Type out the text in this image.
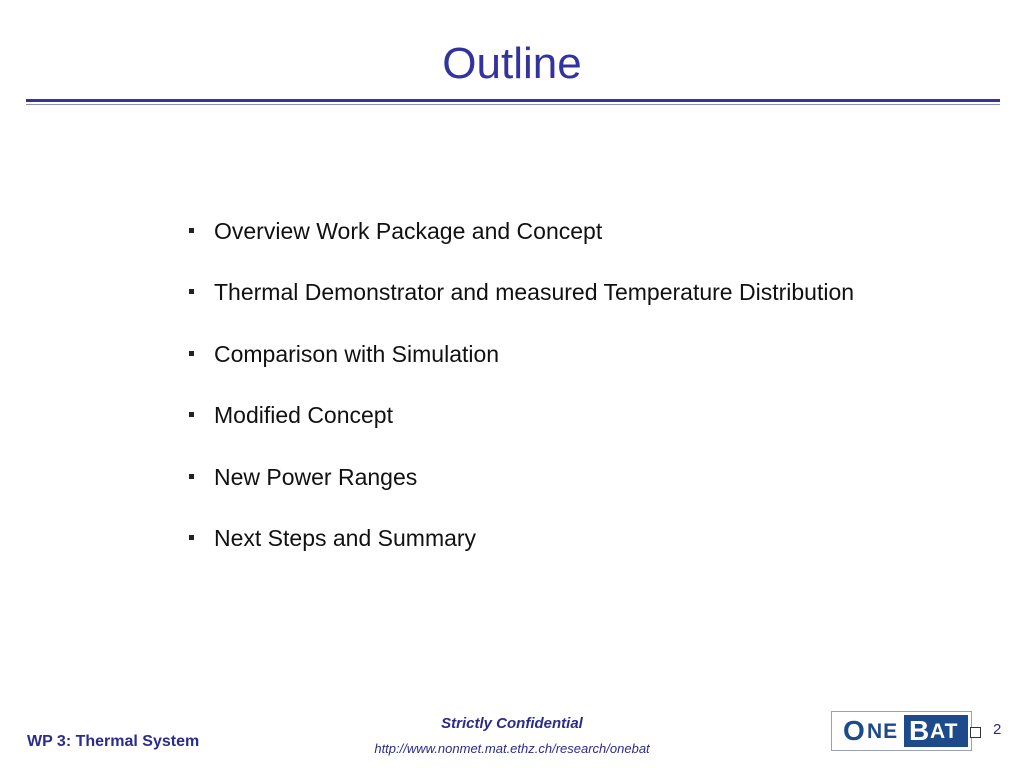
Outline
Overview Work Package and Concept
Thermal Demonstrator and measured Temperature Distribution
Comparison with Simulation
Modified Concept
New Power Ranges
Next Steps and Summary
WP 3: Thermal System
Strictly Confidential
http://www.nonmet.mat.ethz.ch/research/onebat
O NE B AT 2
